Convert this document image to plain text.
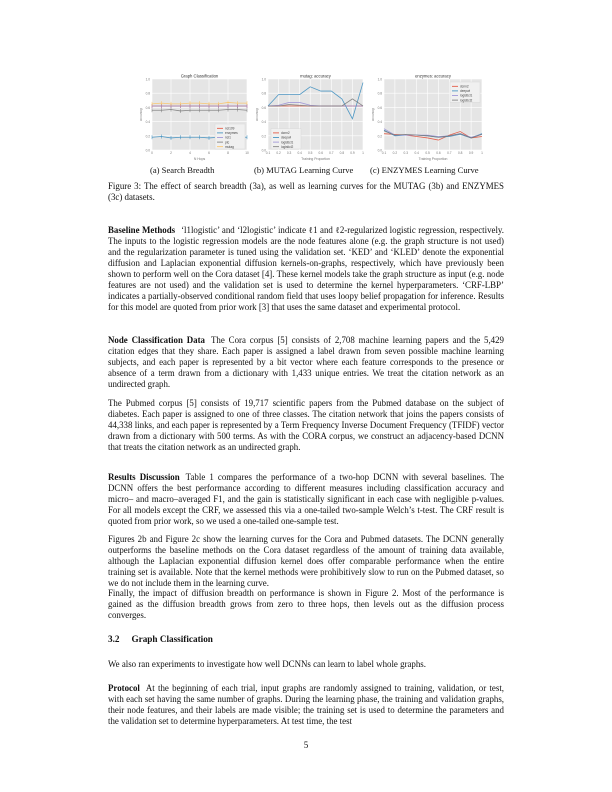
0.0
0.2
0.4
0.6
0.8
1.0
0	2	4	6	8	10
Graph Classification
N Hops
accuracy
nci109
enzymes
nci1
ptc
mutag
0.0
0.2
0.4
0.6
0.8
1.0
0.1 0.2 0.3 0.4 0.5 0.6 0.7 0.8 0.9 1
mutag: accuracy
Training Proportion
accuracy
dcnn2
deepwl
logisticl1
logisticl2
0.0
0.2
0.4
0.6
0.8
1.0
0.1 0.2 0.3 0.4 0.5 0.6 0.7 0.8 0.9 1
enzymes: accuracy
Training Proportion
accuracy
dcnn2
deepwl
logisticl1
logisticl2
(a) Search Breadth	(b) MUTAG Learning Curve (c) ENZYMES Learning Curve
Figure 3: The effect of search breadth (3a), as well as learning curves for the MUTAG (3b) and ENZYMES (3c) datasets.
Baseline Methods ‘l1logistic’ and ‘l2logistic’ indicate ℓ1 and ℓ2-regularized logistic regression, respectively. The inputs to the logistic regression models are the node features alone (e.g. the graph structure is not used) and the regularization parameter is tuned using the validation set. ‘KED’ and ‘KLED’ denote the exponential diffusion and Laplacian exponential diffusion kernels-on-graphs, respectively, which have previously been shown to perform well on the Cora dataset [4]. These kernel models take the graph structure as input (e.g. node features are not used) and the validation set is used to determine the kernel hyperparameters. ‘CRF-LBP’ indicates a partially-observed conditional random field that uses loopy belief propagation for inference. Results for this model are quoted from prior work [3] that uses the same dataset and experimental protocol.
Node Classification Data The Cora corpus [5] consists of 2,708 machine learning papers and the 5,429 citation edges that they share. Each paper is assigned a label drawn from seven possible machine learning subjects, and each paper is represented by a bit vector where each feature corresponds to the presence or absence of a term drawn from a dictionary with 1,433 unique entries. We treat the citation network as an undirected graph.
The Pubmed corpus [5] consists of 19,717 scientific papers from the Pubmed database on the subject of diabetes. Each paper is assigned to one of three classes. The citation network that joins the papers consists of 44,338 links, and each paper is represented by a Term Frequency Inverse Document Frequency (TFIDF) vector drawn from a dictionary with 500 terms. As with the CORA corpus, we construct an adjacency-based DCNN that treats the citation network as an undirected graph.
Results Discussion Table 1 compares the performance of a two-hop DCNN with several baselines. The DCNN offers the best performance according to different measures including classification accuracy and micro– and macro–averaged F1, and the gain is statistically significant in each case with negligible p-values. For all models except the CRF, we assessed this via a one-tailed two-sample Welch’s t-test. The CRF result is quoted from prior work, so we used a one-tailed one-sample test.
Figures 2b and Figure 2c show the learning curves for the Cora and Pubmed datasets. The DCNN generally outperforms the baseline methods on the Cora dataset regardless of the amount of training data available, although the Laplacian exponential diffusion kernel does offer comparable performance when the entire training set is available. Note that the kernel methods were prohibitively slow to run on the Pubmed dataset, so we do not include them in the learning curve.
Finally, the impact of diffusion breadth on performance is shown in Figure 2. Most of the performance is gained as the diffusion breadth grows from zero to three hops, then levels out as the diffusion process converges.
3.2 Graph Classification
We also ran experiments to investigate how well DCNNs can learn to label whole graphs.
Protocol At the beginning of each trial, input graphs are randomly assigned to training, validation, or test, with each set having the same number of graphs. During the learning phase, the training and validation graphs, their node features, and their labels are made visible; the training set is used to determine the parameters and the validation set to determine hyperparameters. At test time, the test
5
